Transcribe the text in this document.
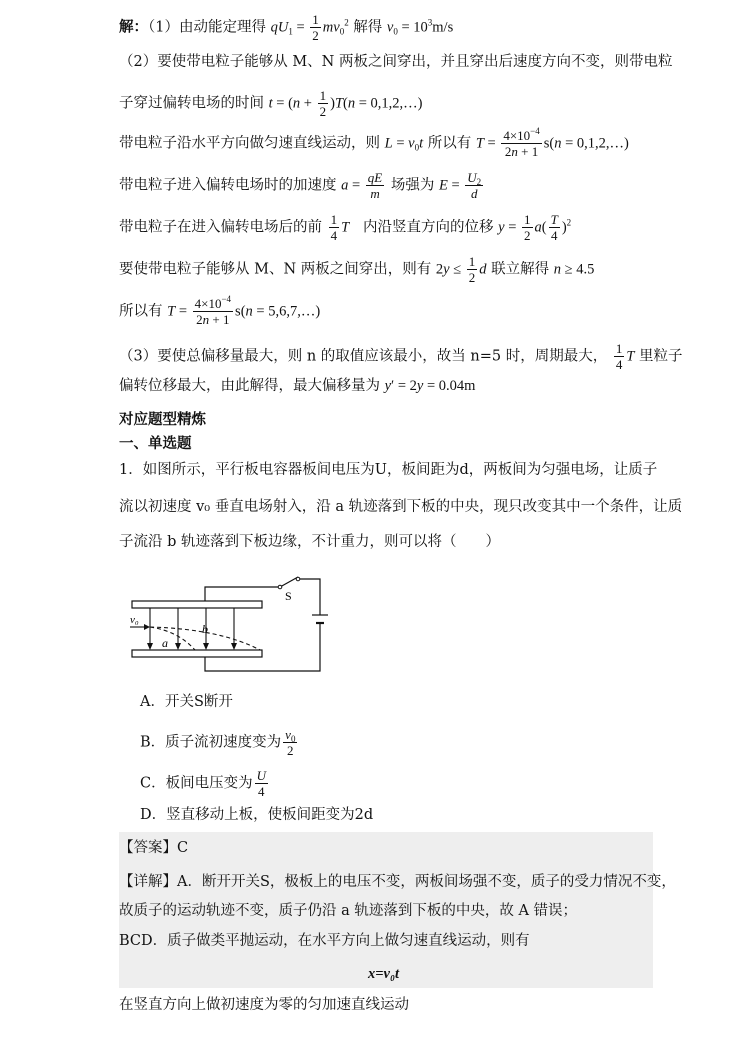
解：（1）由动能定理得 $qU_1 = \frac{1}{2} mv_0^2$ 解得 $v_0 = 10^3m/s$
（2）要使带电粒子能够从 M、N 两板之间穿出，并且穿出后速度方向不变，则带电粒
子穿过偏转电场的时间 $t = (n + \frac{1}{2} )T(n$ = 0,1,2,…)
带电粒子沿水平方向做匀速直线运动，则 $L = v_0t$ 所以有 $T = \frac{4\times 10^{-4}}{2n + 1} s(n$ = 0,1,2,…)
带电粒子进入偏转电场时的加速度 $a = \frac{qE}{m}$ 场强为 $E = \frac{U_2}{d}$
带电粒子在进入偏转电场后的前 $\frac{1}{4}$ T 内沿竖直方向的位移 $y = \frac{1}{2} a( \frac{T}{4} )^2$
要使带电粒子能够从 M、N 两板之间穿出，则有 $2y \le \frac{1}{2}$ d 联立解得 n ≥ 4.5
所以有 $T = \frac{4\times 10^{-4}}{2n + 1} s(n$ = 5,6,7,…)
（3）要使总偏移量最大，则 n 的取值应该最小，故当 n=5 时，周期最大， $\frac{1}{4}$ T 里粒子
偏转位移最大，由此解得，最大偏移量为 y′ = 2y = 0.04m
对应题型精炼
一、单选题
1．如图所示，平行板电容器板间电压为U，板间距为d，两板间为匀强电场，让质子
流以初速度 v₀ 垂直电场射入，沿 a 轨迹落到下板的中央，现只改变其中一个条件，让质
子流沿 b 轨迹落到下板边缘，不计重力，则可以将（　　）
S
v₀
a
b
A．开关S断开
B．质子流初速度变为 $\frac{v_0}{2}$
C．板间电压变为 $\frac{U}{4}$
D．竖直移动上板，使板间距变为2d
【答案】C
【详解】A．断开开关S，极板上的电压不变，两板间场强不变，质子的受力情况不变，
故质子的运动轨迹不变，质子仍沿 a 轨迹落到下板的中央，故 A 错误；
BCD．质子做类平抛运动，在水平方向上做匀速直线运动，则有
x=v₀t
在竖直方向上做初速度为零的匀加速直线运动
